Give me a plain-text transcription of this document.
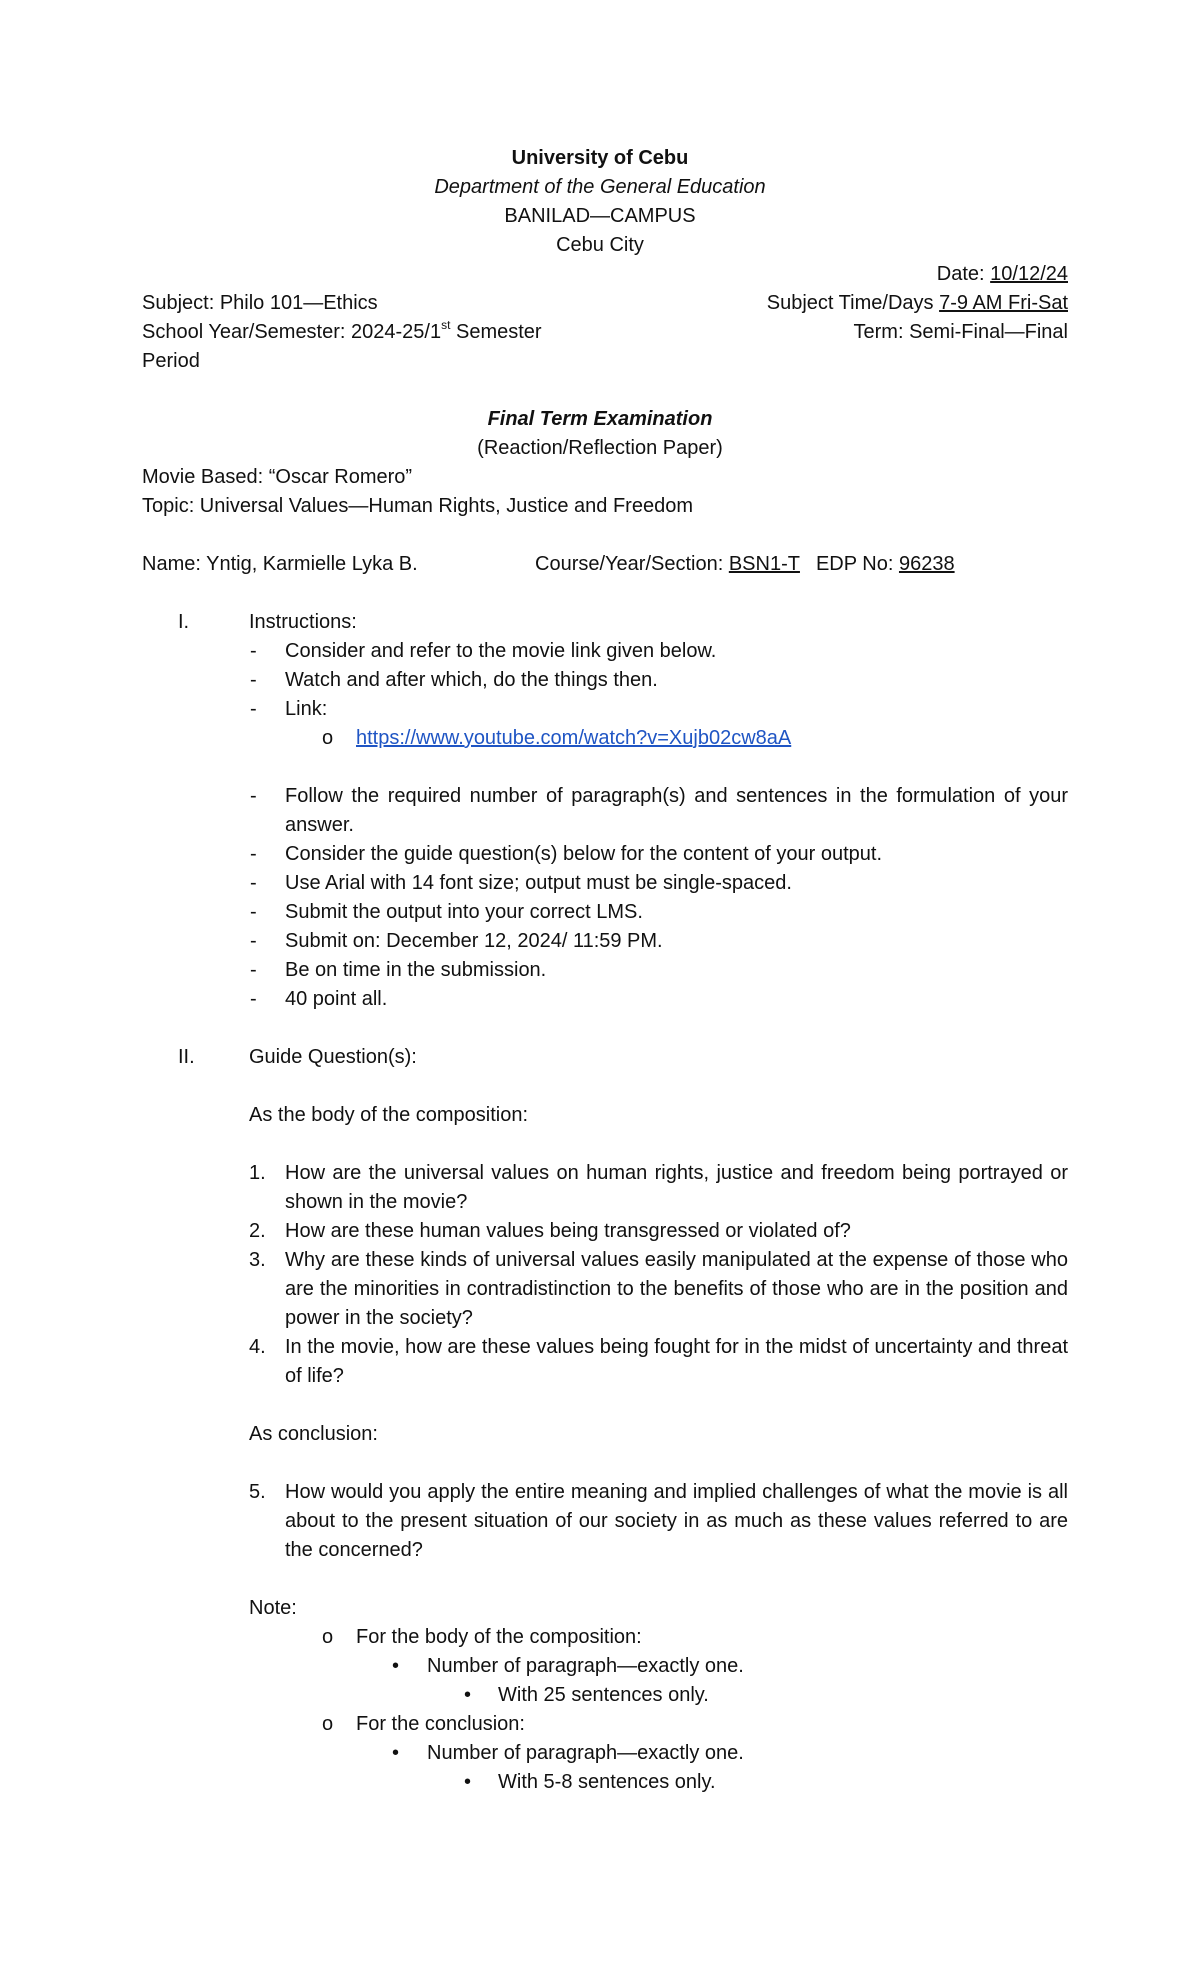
University of Cebu
Department of the General Education
BANILAD—CAMPUS
Cebu City
Date: 10/12/24
Subject: Philo 101—Ethics	Subject Time/Days 7-9 AM Fri-Sat
School Year/Semester: 2024-25/1st Semester	Term: Semi-Final—Final
Period
Final Term Examination
(Reaction/Reflection Paper)
Movie Based: “Oscar Romero”
Topic: Universal Values—Human Rights, Justice and Freedom
Name: Yntig, Karmielle Lyka B.	Course/Year/Section: BSN1-T EDP No: 96238
I.	Instructions:
- Consider and refer to the movie link given below.
- Watch and after which, do the things then.
- Link:
o https://www.youtube.com/watch?v=Xujb02cw8aA
- Follow the required number of paragraph(s) and sentences in the formulation of your answer.
- Consider the guide question(s) below for the content of your output.
- Use Arial with 14 font size; output must be single-spaced.
- Submit the output into your correct LMS.
- Submit on: December 12, 2024/ 11:59 PM.
- Be on time in the submission.
- 40 point all.
II.	Guide Question(s):
As the body of the composition:
1. How are the universal values on human rights, justice and freedom being portrayed or shown in the movie?
2. How are these human values being transgressed or violated of?
3. Why are these kinds of universal values easily manipulated at the expense of those who are the minorities in contradistinction to the benefits of those who are in the position and power in the society?
4. In the movie, how are these values being fought for in the midst of uncertainty and threat of life?
As conclusion:
5. How would you apply the entire meaning and implied challenges of what the movie is all about to the present situation of our society in as much as these values referred to are the concerned?
Note:
o For the body of the composition:
• Number of paragraph—exactly one.
• With 25 sentences only.
o For the conclusion:
• Number of paragraph—exactly one.
• With 5-8 sentences only.
